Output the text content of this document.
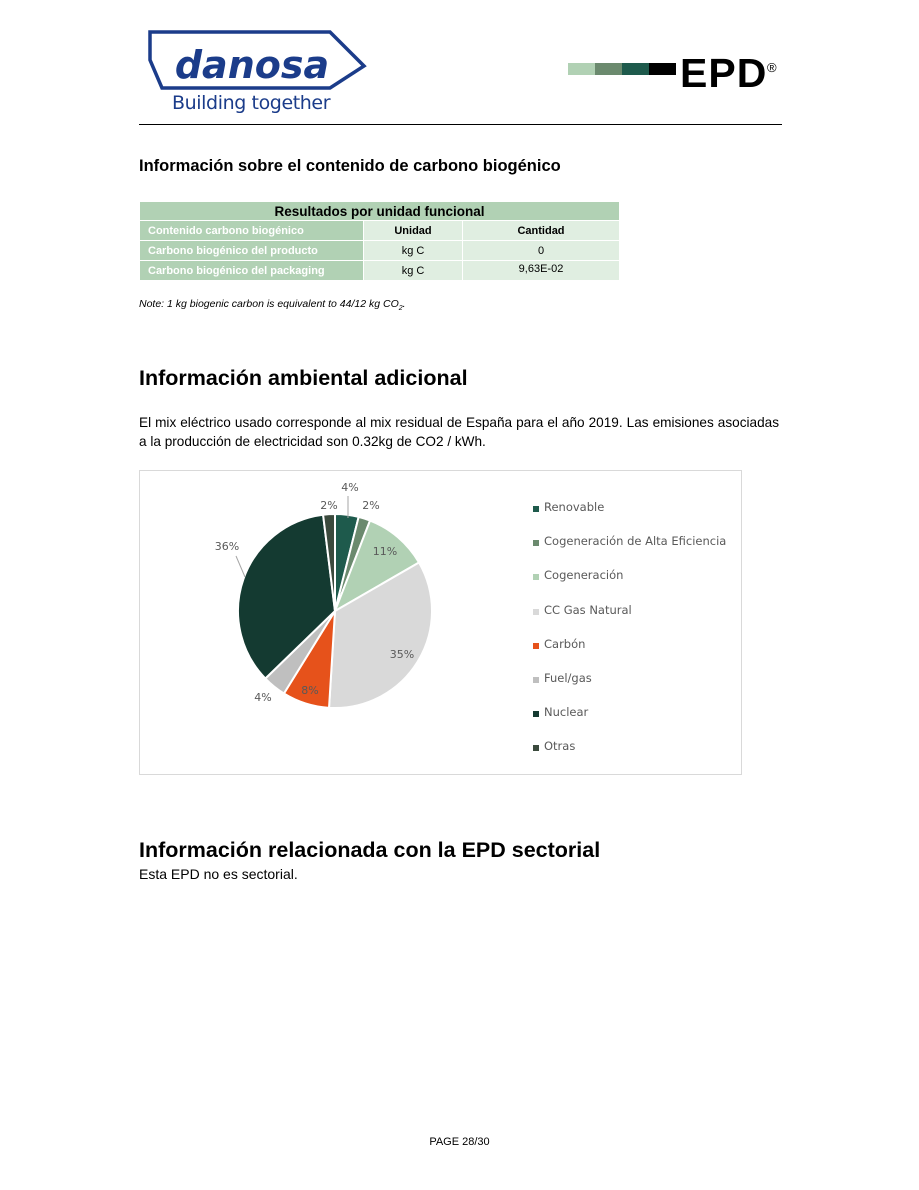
danosa
Building together
EPD ®
Información sobre el contenido de carbono biogénico
Resultados por unidad funcional		
Contenido carbono biogénico	Unidad	Cantidad
Carbono biogénico del producto	kg C	0
Carbono biogénico del packaging	kg C	9,63E-02
Note: 1 kg biogenic carbon is equivalent to 44/12 kg $CO_2$.
Información ambiental adicional
El mix eléctrico usado corresponde al mix residual de España para el año 2019. Las emisiones asociadas a la producción de electricidad son 0.32kg de CO2 / kWh.
4%
2%
11%
35%
8%
4%
36%
2%	Renovable
Cogeneración de Alta Eficiencia
Cogeneración
CC Gas Natural
Carbón
Fuel/gas
Nuclear
Otras
Información relacionada con la EPD sectorial
Esta EPD no es sectorial.
PAGE 28/30
